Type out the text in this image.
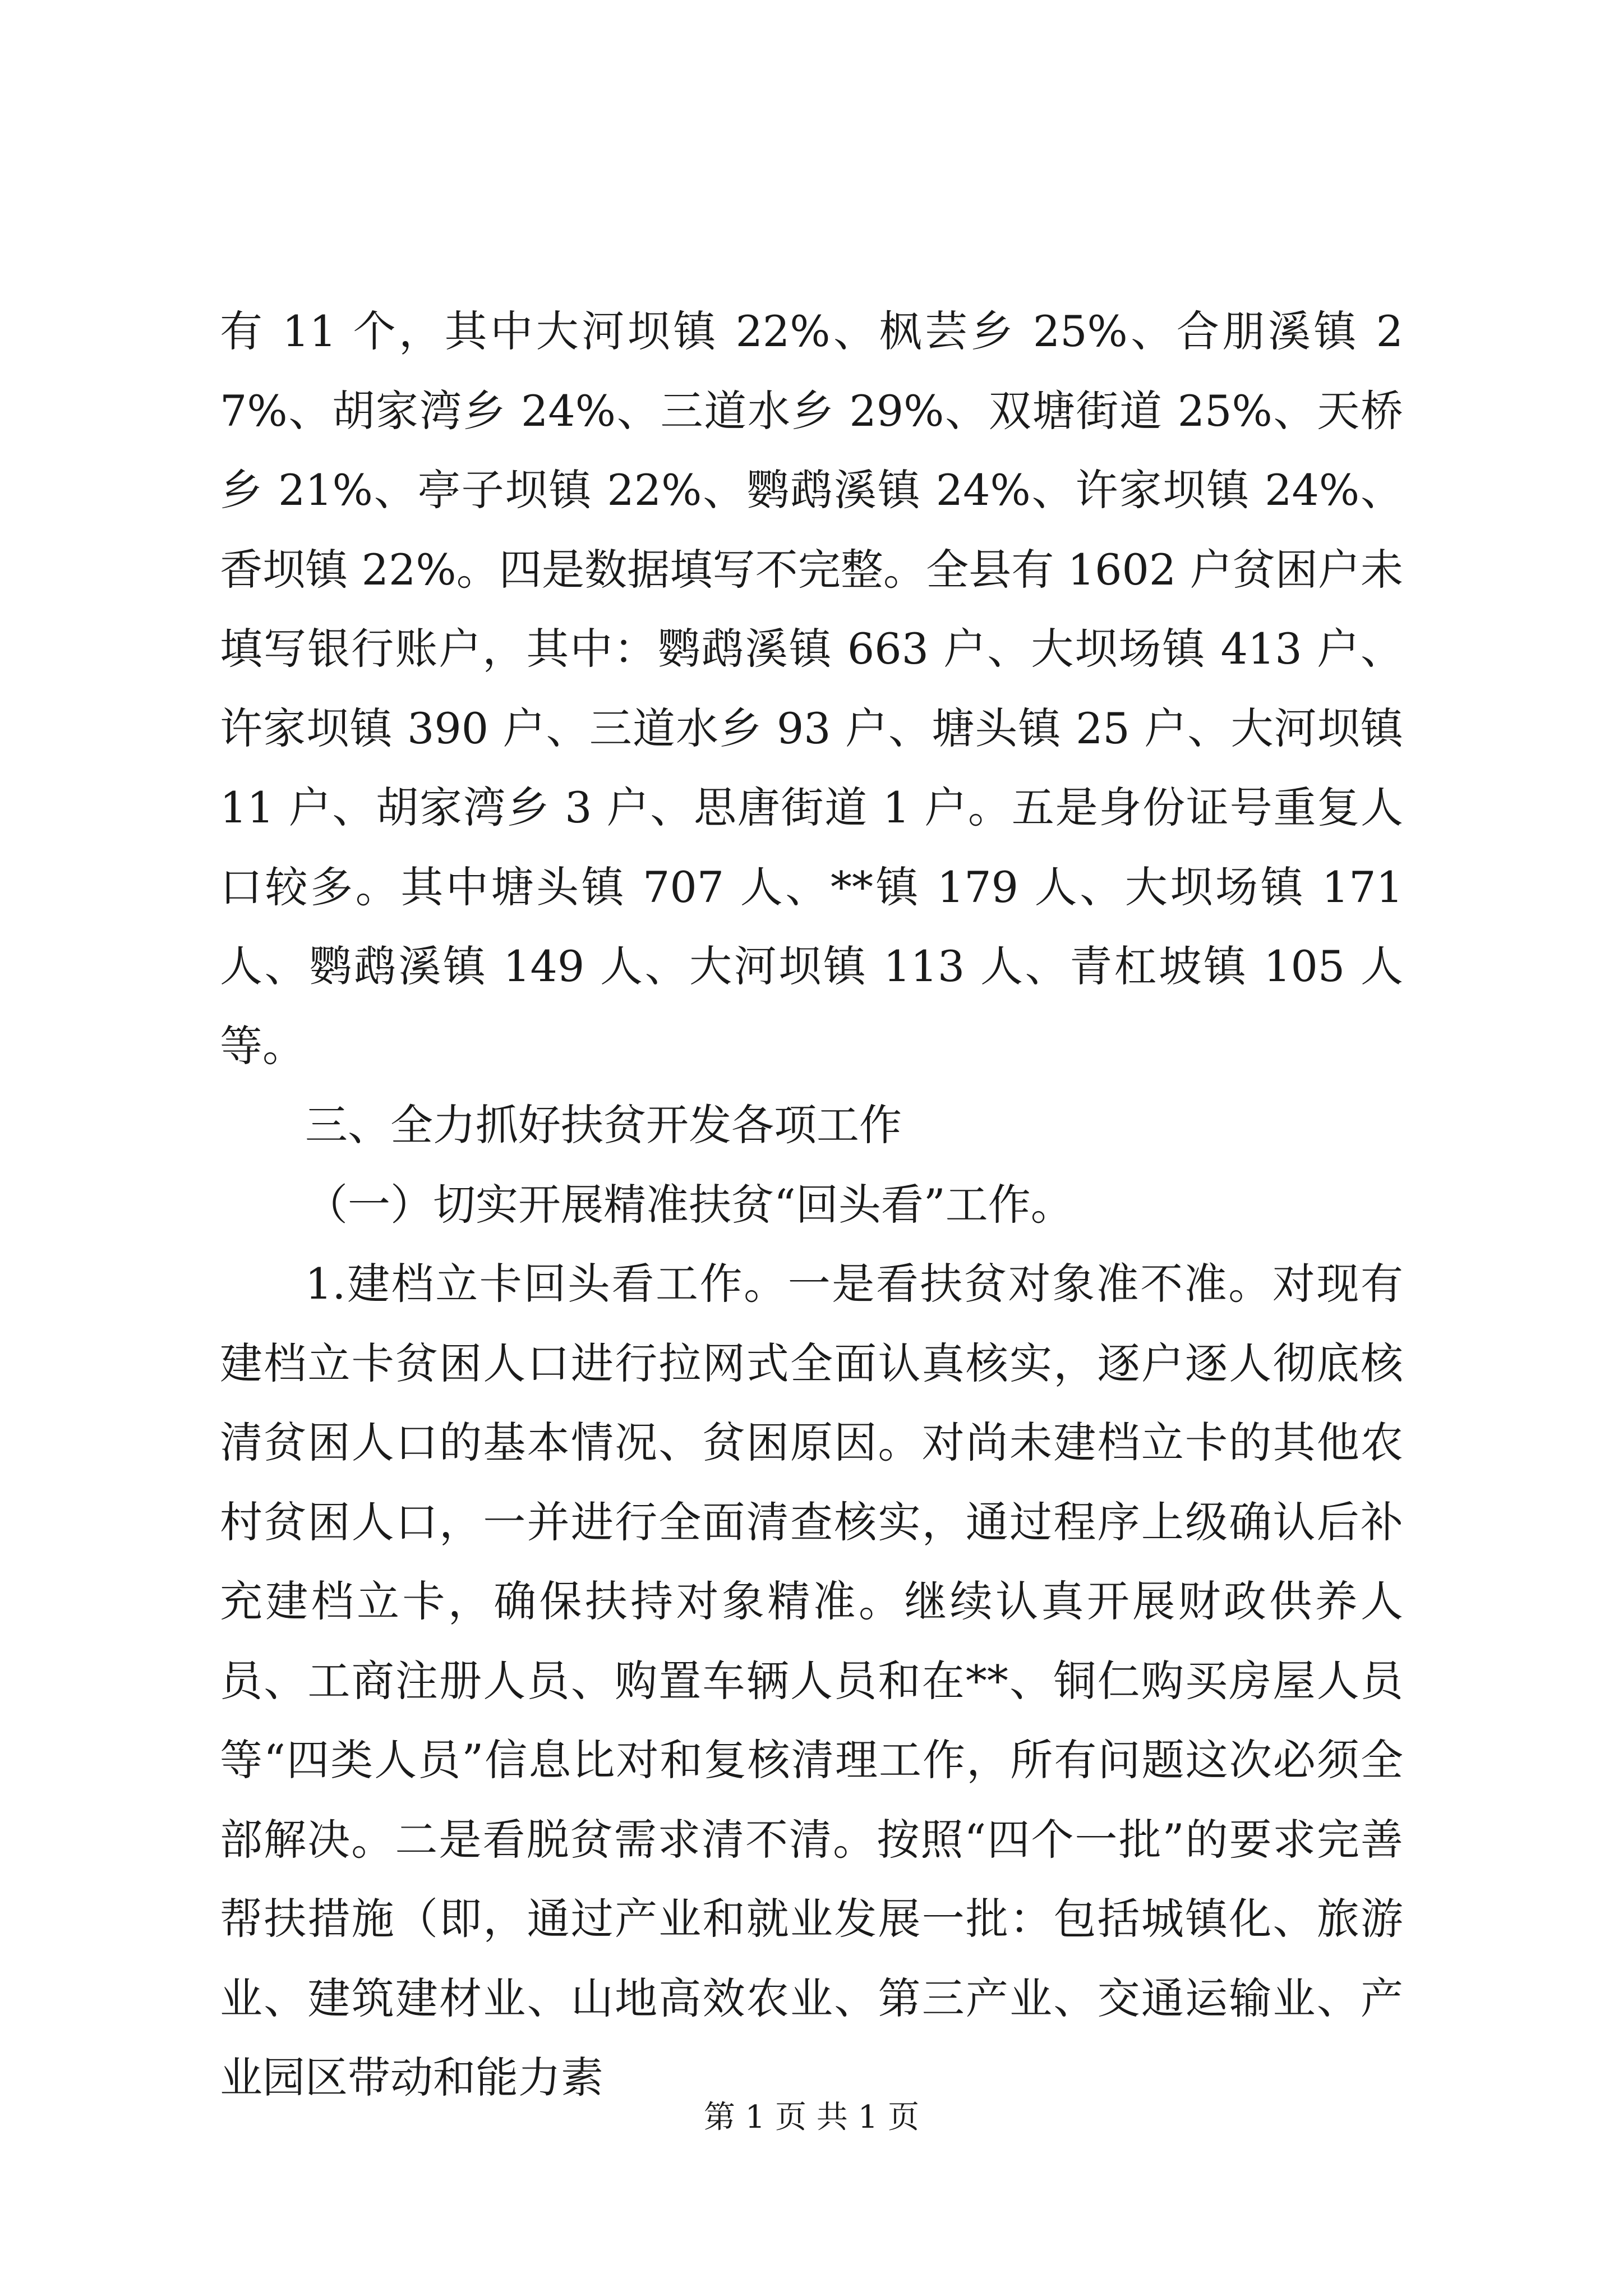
有 11 个，其中大河坝镇 22%、枫芸乡 25%、合朋溪镇 27%、胡家湾乡 24%、三道水乡 29%、双塘街道 25%、天桥乡 21%、亭子坝镇 22%、鹦鹉溪镇 24%、许家坝镇 24%、香坝镇 22%。四是数据填写不完整。全县有 1602 户贫困户未填写银行账户，其中：鹦鹉溪镇 663 户、大坝场镇 413 户、许家坝镇 390 户、三道水乡 93 户、塘头镇 25 户、大河坝镇 11 户、胡家湾乡 3 户、思唐街道 1 户。五是身份证号重复人口较多。其中塘头镇 707 人、**镇 179 人、大坝场镇 171 人、鹦鹉溪镇 149 人、大河坝镇 113 人、青杠坡镇 105 人等。

三、全力抓好扶贫开发各项工作

（一）切实开展精准扶贫“回头看”工作。

1.建档立卡回头看工作。一是看扶贫对象准不准。对现有建档立卡贫困人口进行拉网式全面认真核实，逐户逐人彻底核清贫困人口的基本情况、贫困原因。对尚未建档立卡的其他农村贫困人口，一并进行全面清查核实，通过程序上级确认后补充建档立卡，确保扶持对象精准。继续认真开展财政供养人员、工商注册人员、购置车辆人员和在**、铜仁购买房屋人员等“四类人员”信息比对和复核清理工作，所有问题这次必须全部解决。二是看脱贫需求清不清。按照“四个一批”的要求完善帮扶措施（即，通过产业和就业发展一批：包括城镇化、旅游业、建筑建材业、山地高效农业、第三产业、交通运输业、产业园区带动和能力素

第 1 页 共 1 页
